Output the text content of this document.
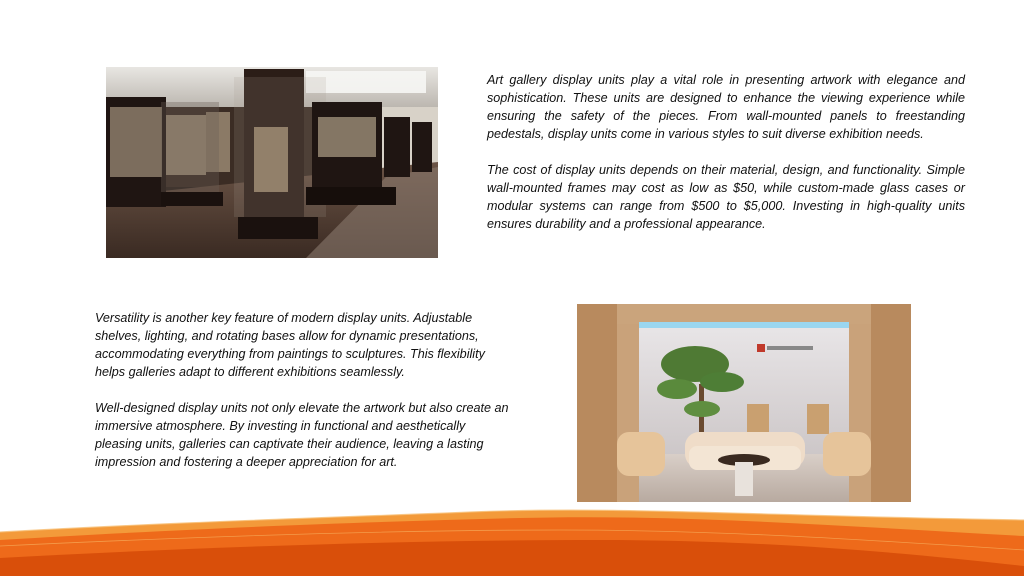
Art gallery display units play a vital role in presenting artwork with elegance and sophistication. These units are designed to enhance the viewing experience while ensuring the safety of the pieces. From wall-mounted panels to freestanding pedestals, display units come in various styles to suit diverse exhibition needs.

The cost of display units depends on their material, design, and functionality. Simple wall-mounted frames may cost as low as $50, while custom-made glass cases or modular systems can range from $500 to $5,000. Investing in high-quality units ensures durability and a professional appearance.

Versatility is another key feature of modern display units. Adjustable shelves, lighting, and rotating bases allow for dynamic presentations, accommodating everything from paintings to sculptures. This flexibility helps galleries adapt to different exhibitions seamlessly.

Well-designed display units not only elevate the artwork but also create an immersive atmosphere. By investing in functional and aesthetically pleasing units, galleries can captivate their audience, leaving a lasting impression and fostering a deeper appreciation for art.
